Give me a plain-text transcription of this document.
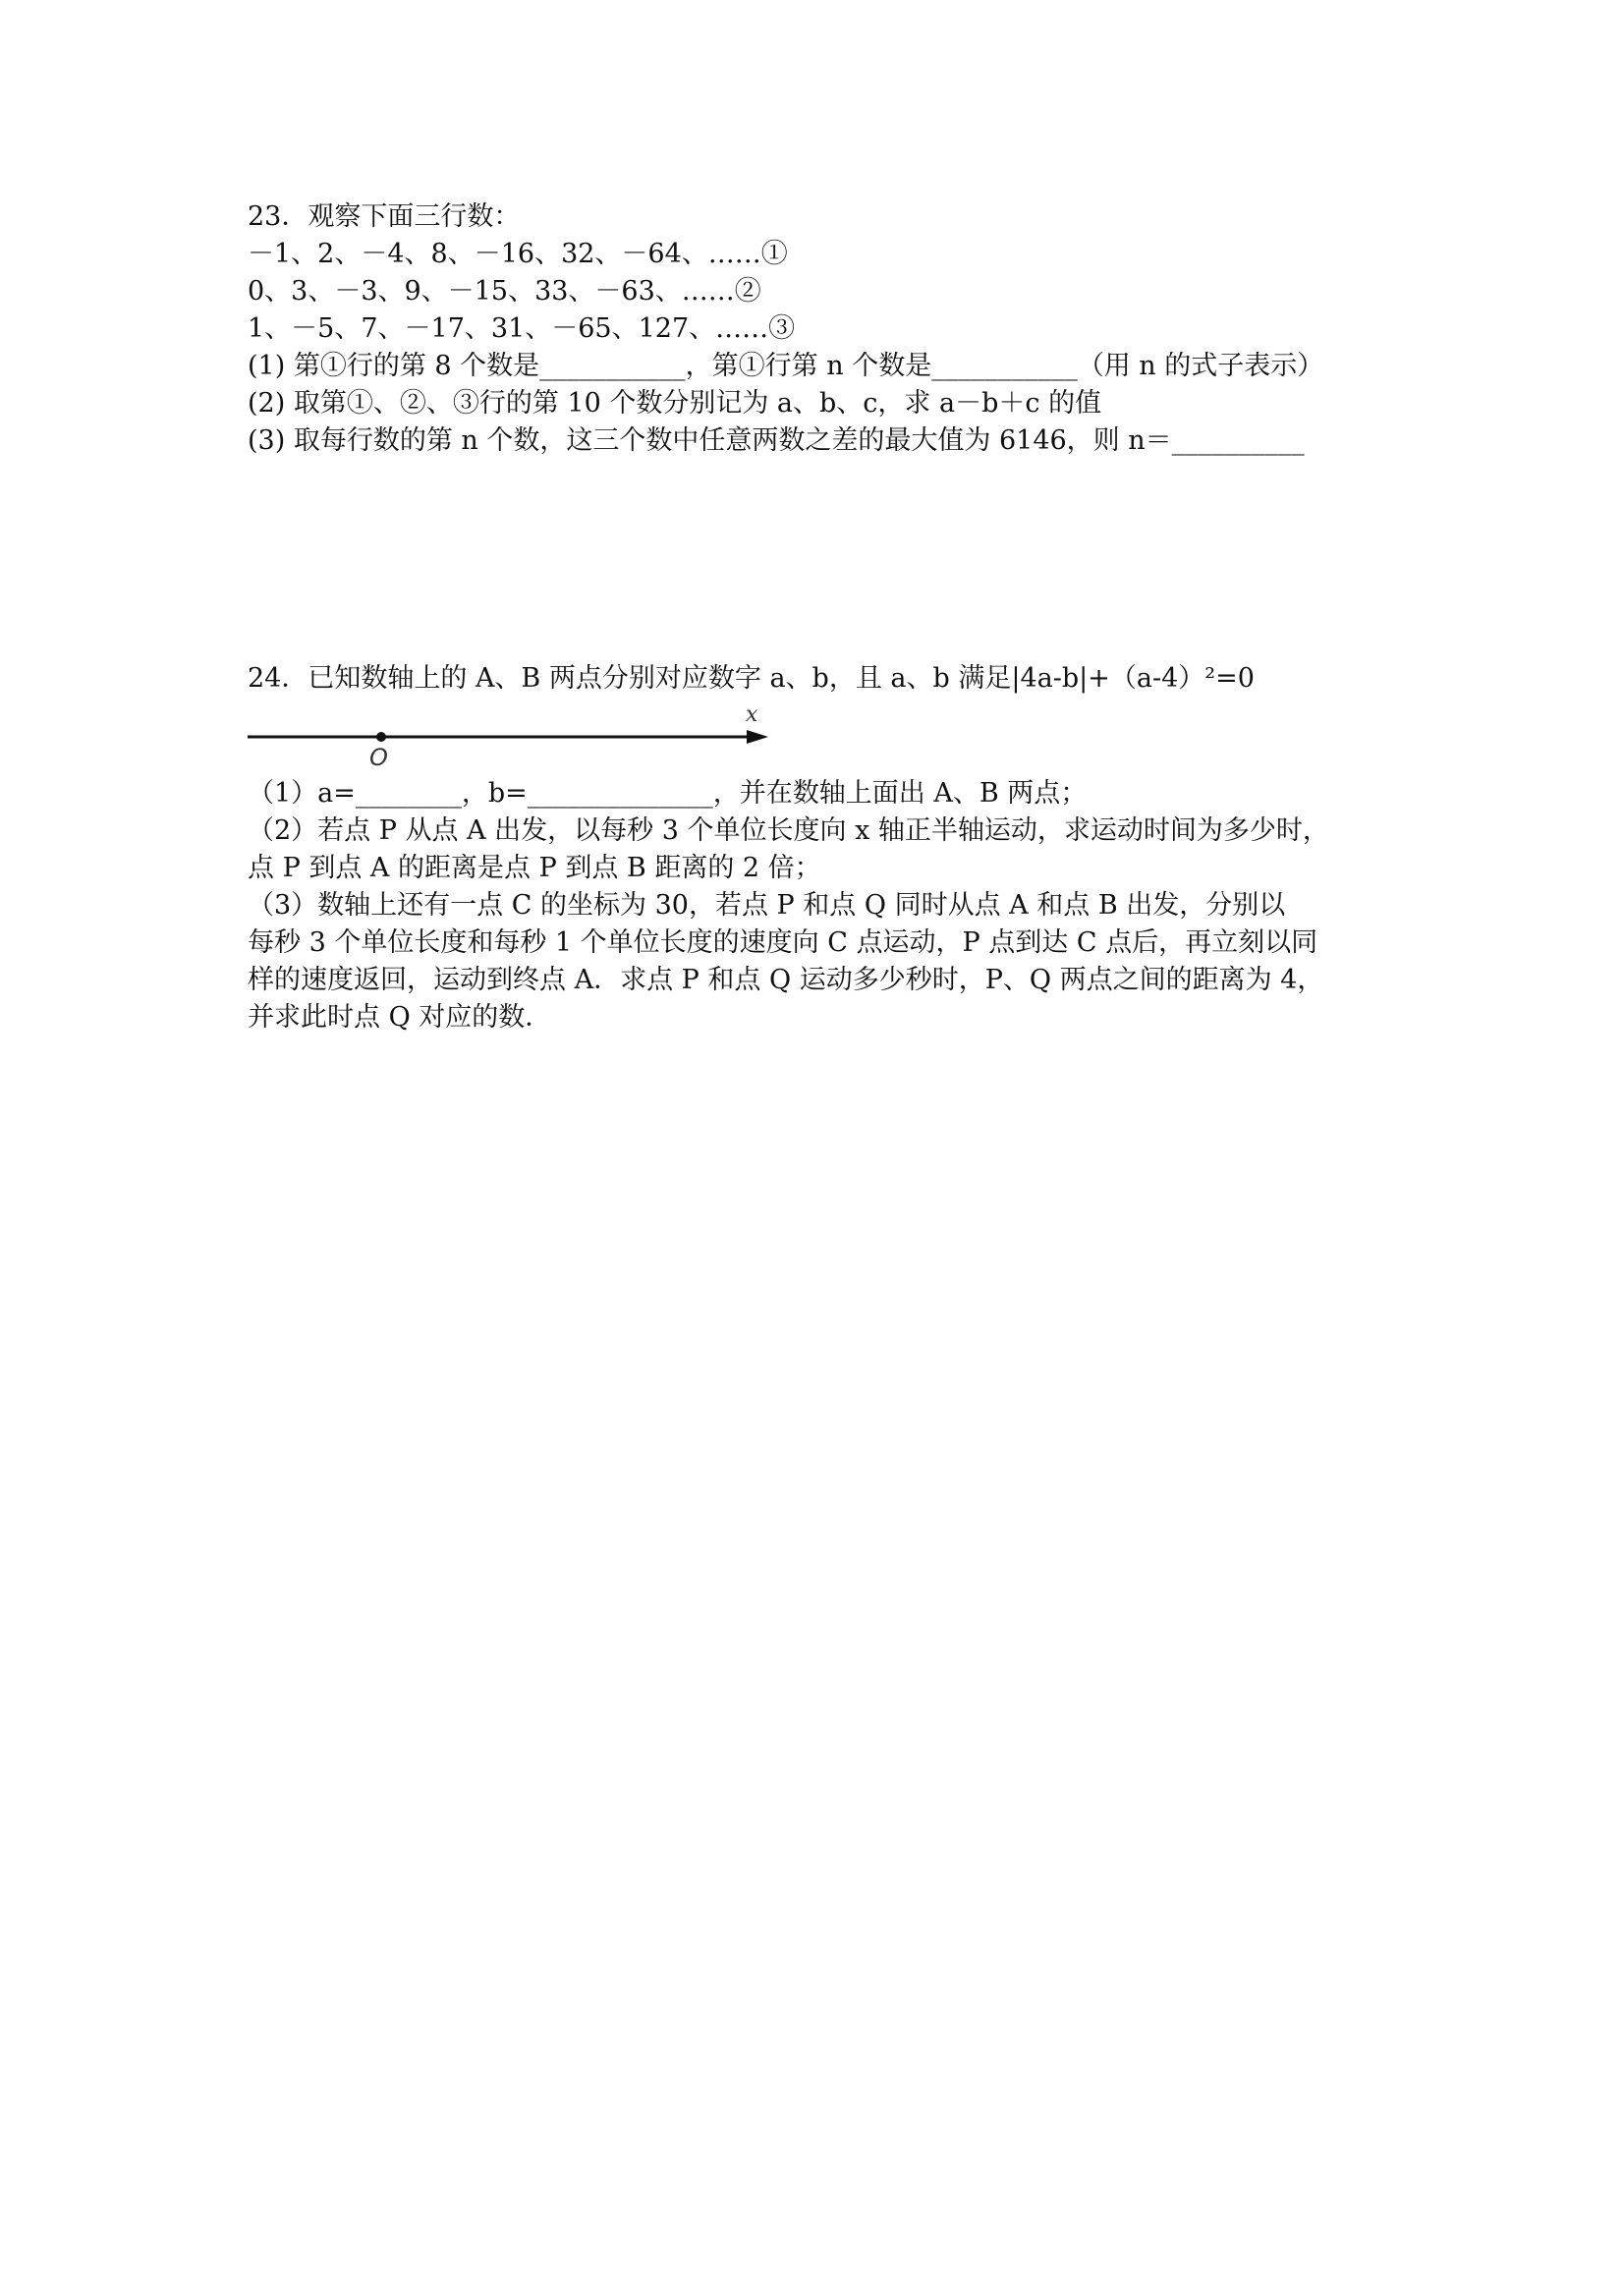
23．观察下面三行数：
－1、2、－4、8、－16、32、－64、……①
0、3、－3、9、－15、33、－63、……②
1、－5、7、－17、31、－65、127、……③
(1) 第①行的第 8 个数是___________，第①行第 n 个数是___________（用 n 的式子表示）
(2) 取第①、②、③行的第 10 个数分别记为 a、b、c，求 a－b＋c 的值
(3) 取每行数的第 n 个数，这三个数中任意两数之差的最大值为 6146，则 n＝__________
24．已知数轴上的 A、B 两点分别对应数字 a、b，且 a、b 满足|4a-b|+（a-4）²=0
x
O
（1）a=________，b=______________，并在数轴上面出 A、B 两点；
（2）若点 P 从点 A 出发，以每秒 3 个单位长度向 x 轴正半轴运动，求运动时间为多少时，
点 P 到点 A 的距离是点 P 到点 B 距离的 2 倍；
（3）数轴上还有一点 C 的坐标为 30，若点 P 和点 Q 同时从点 A 和点 B 出发，分别以
每秒 3 个单位长度和每秒 1 个单位长度的速度向 C 点运动，P 点到达 C 点后，再立刻以同
样的速度返回，运动到终点 A．求点 P 和点 Q 运动多少秒时，P、Q 两点之间的距离为 4，
并求此时点 Q 对应的数．
